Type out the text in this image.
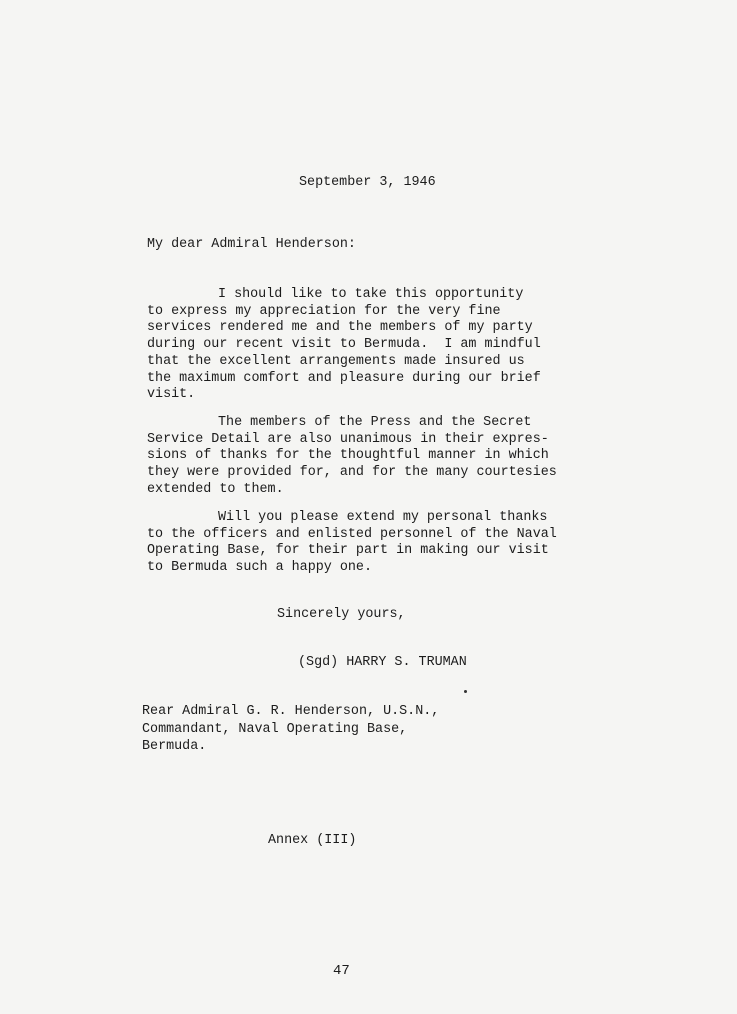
September 3, 1946
My dear Admiral Henderson:
I should like to take this opportunity
to express my appreciation for the very fine
services rendered me and the members of my party
during our recent visit to Bermuda.  I am mindful
that the excellent arrangements made insured us
the maximum comfort and pleasure during our brief
visit.
The members of the Press and the Secret
Service Detail are also unanimous in their expres-
sions of thanks for the thoughtful manner in which
they were provided for, and for the many courtesies
extended to them.
Will you please extend my personal thanks
to the officers and enlisted personnel of the Naval
Operating Base, for their part in making our visit
to Bermuda such a happy one.
Sincerely yours,
(Sgd) HARRY S. TRUMAN
Rear Admiral G. R. Henderson, U.S.N.,
Commandant, Naval Operating Base,
Bermuda.
Annex (III)
47
